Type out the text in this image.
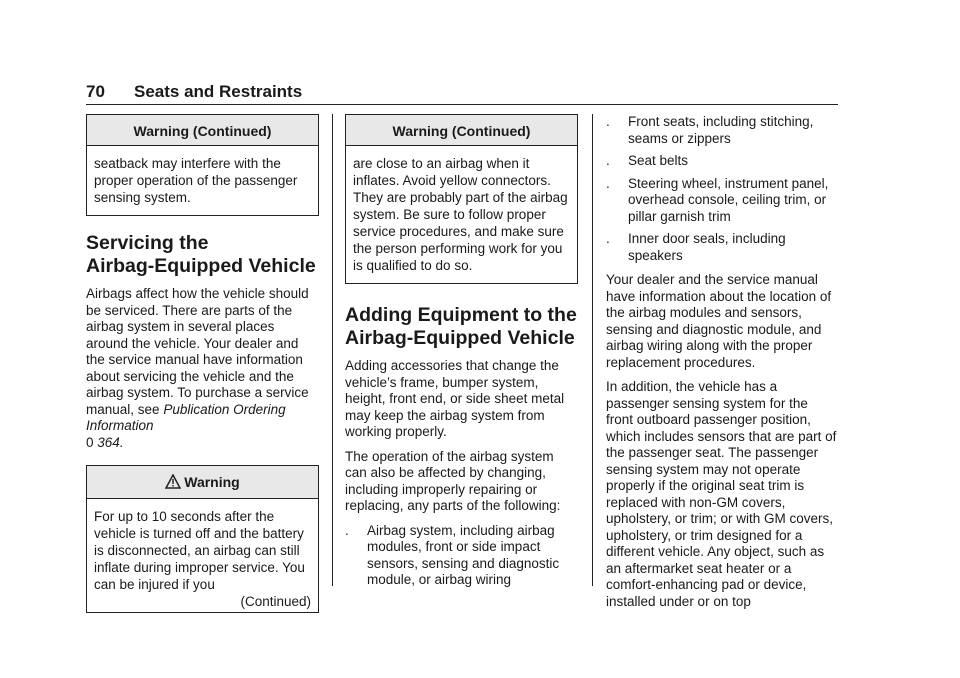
70 Seats and Restraints
Warning (Continued)

seatback may interfere with the proper operation of the passenger sensing system.

Servicing the
Airbag-Equipped Vehicle

Airbags affect how the vehicle should be serviced. There are parts of the airbag system in several places around the vehicle. Your dealer and the service manual have information about servicing the vehicle and the airbag system. To purchase a service manual, see Publication Ordering Information
0 364.

Warning

For up to 10 seconds after the vehicle is turned off and the battery is disconnected, an airbag can still inflate during improper service. You can be injured if you

(Continued)

Warning (Continued)

are close to an airbag when it inflates. Avoid yellow connectors. They are probably part of the airbag system. Be sure to follow proper service procedures, and make sure the person performing work for you is qualified to do so.

Adding Equipment to the
Airbag-Equipped Vehicle

Adding accessories that change the vehicle’s frame, bumper system, height, front end, or side sheet metal may keep the airbag system from working properly.

The operation of the airbag system can also be affected by changing, including improperly repairing or replacing, any parts of the following:

. Airbag system, including airbag modules, front or side impact sensors, sensing and diagnostic module, or airbag wiring
. Front seats, including stitching, seams or zippers
. Seat belts
. Steering wheel, instrument panel, overhead console, ceiling trim, or pillar garnish trim
. Inner door seals, including speakers

Your dealer and the service manual have information about the location of the airbag modules and sensors, sensing and diagnostic module, and airbag wiring along with the proper replacement procedures.

In addition, the vehicle has a passenger sensing system for the front outboard passenger position, which includes sensors that are part of the passenger seat. The passenger sensing system may not operate properly if the original seat trim is replaced with non-GM covers, upholstery, or trim; or with GM covers, upholstery, or trim designed for a different vehicle. Any object, such as an aftermarket seat heater or a comfort-enhancing pad or device, installed under or on top
